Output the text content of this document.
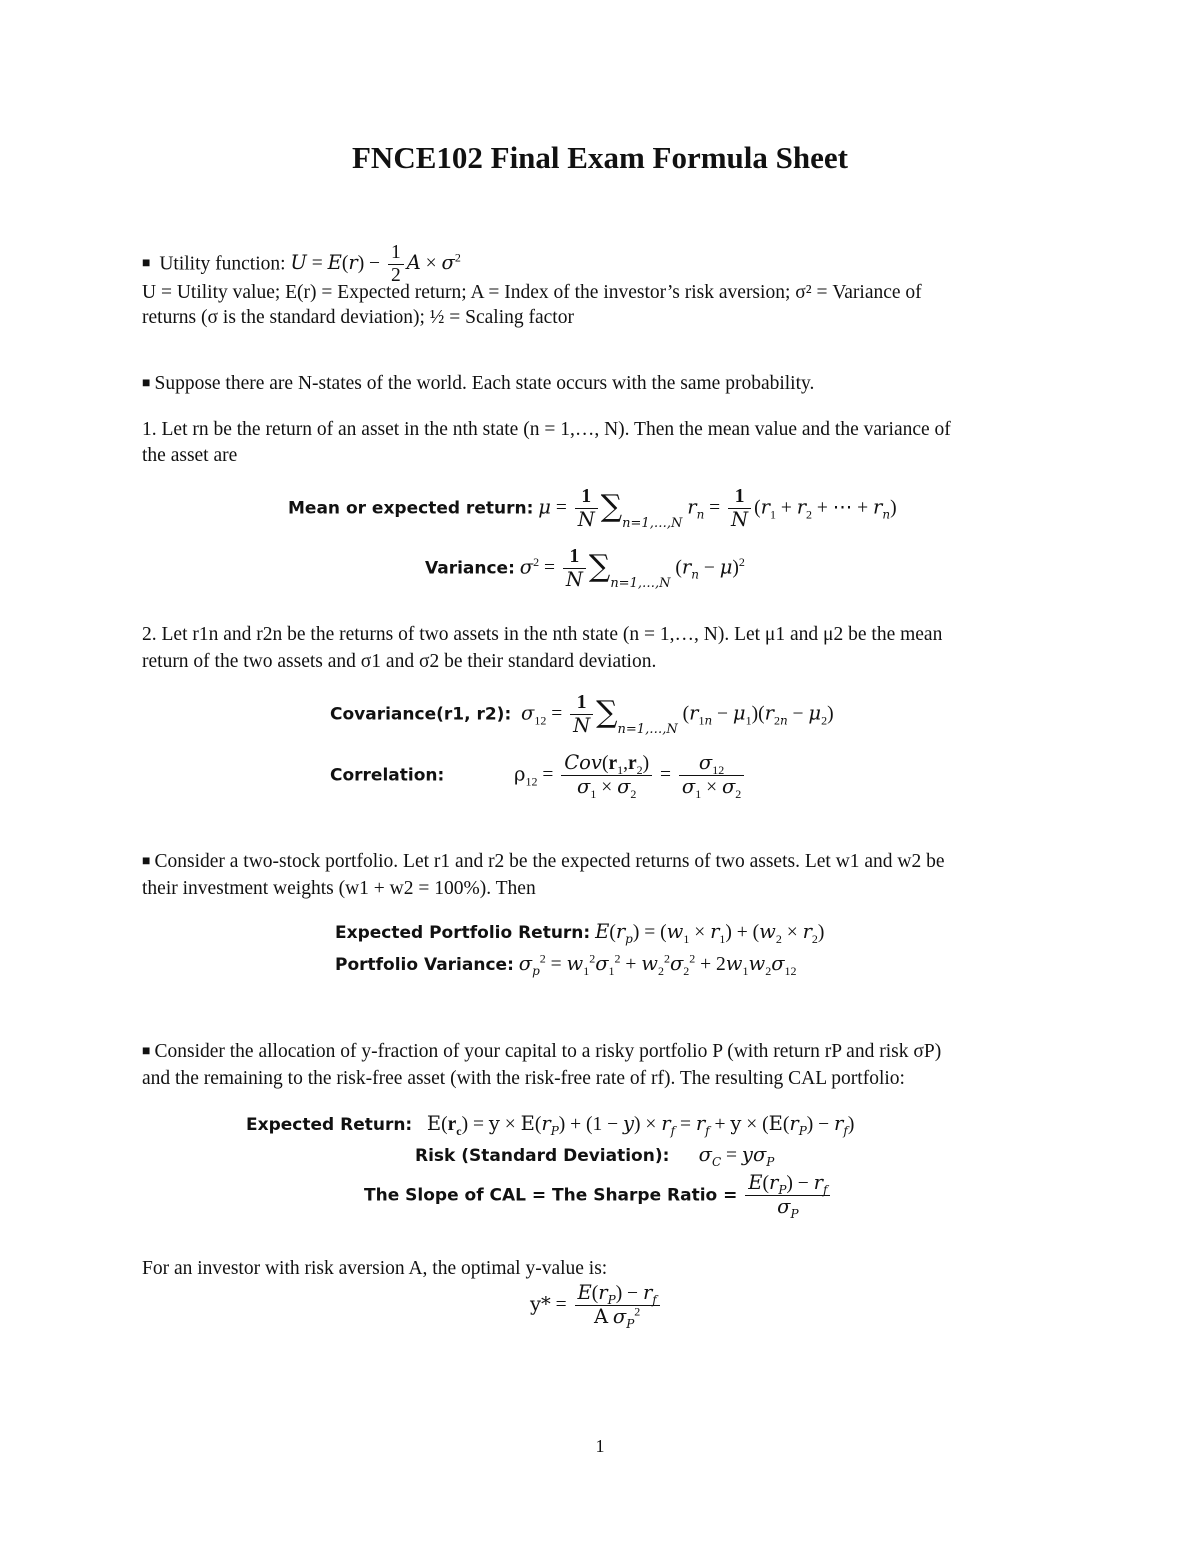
FNCE102 Final Exam Formula Sheet
■ Utility function: $U = E(r) - \frac{1}{2}$ $A \times \sigma^2$
U = Utility value; E(r) = Expected return; A = Index of the investor’s risk aversion; σ² = Variance of
returns (σ is the standard deviation); ½ = Scaling factor
■ Suppose there are N-states of the world. Each state occurs with the same probability.
1. Let rn be the return of an asset in the nth state (n = 1,…, N). Then the mean value and the variance of
the asset are
Mean or expected return: $\mu = \frac{1}{N} \sum_{n=1,\dots,N}$ $r_n = \frac{1}{N} (r_1 + r_2$ + ⋯ + $r_n$)
Variance: $\sigma^2 = \frac{1}{N} \sum_{n=1,\dots,N}$ $(r_n - \mu)^2$
2. Let r1n and r2n be the returns of two assets in the nth state (n = 1,…, N). Let μ1 and μ2 be the mean
return of the two assets and σ1 and σ2 be their standard deviation.
Covariance(r1, r2): $\sigma_{12} = \frac{1}{N} \sum_{n=1,\dots,N}$ $(r_{1n} - \mu_1)(r_{2n} - \mu_2)$
Correlation:	$\rho_{12} = \frac{Cov(r_1,r_2)}{\sigma_1 \times \sigma_2} = \frac{\sigma_{12}}{\sigma_1 \times \sigma_2}$
■ Consider a two-stock portfolio. Let r1 and r2 be the expected returns of two assets. Let w1 and w2 be
their investment weights (w1 + w2 = 100%). Then
Expected Portfolio Return: $E(r_p) = (w_1 \times r_1) + (w_2 \times r_2)$
Portfolio Variance: $\sigma_p^2 = w_1^2\sigma_1^2 + w_2^2\sigma_2^2 + 2w_1w_2\sigma_{12}$
■ Consider the allocation of y-fraction of your capital to a risky portfolio P (with return rP and risk σP)
and the remaining to the risk-free asset (with the risk-free rate of rf). The resulting CAL portfolio:
Expected Return: $E(r_c) = y \times E(r_P) + (1 - y) \times r_f = r_f + y \times (E(r_P) - r_f)$
Risk (Standard Deviation): $\sigma_C = y\sigma_P$
The Slope of CAL = The Sharpe Ratio = $\frac{E(r_P) - r_f}{\sigma_P}$
For an investor with risk aversion A, the optimal y-value is:
$y* = \frac{E(r_P) - r_f}{A \sigma_P^2}$
1
